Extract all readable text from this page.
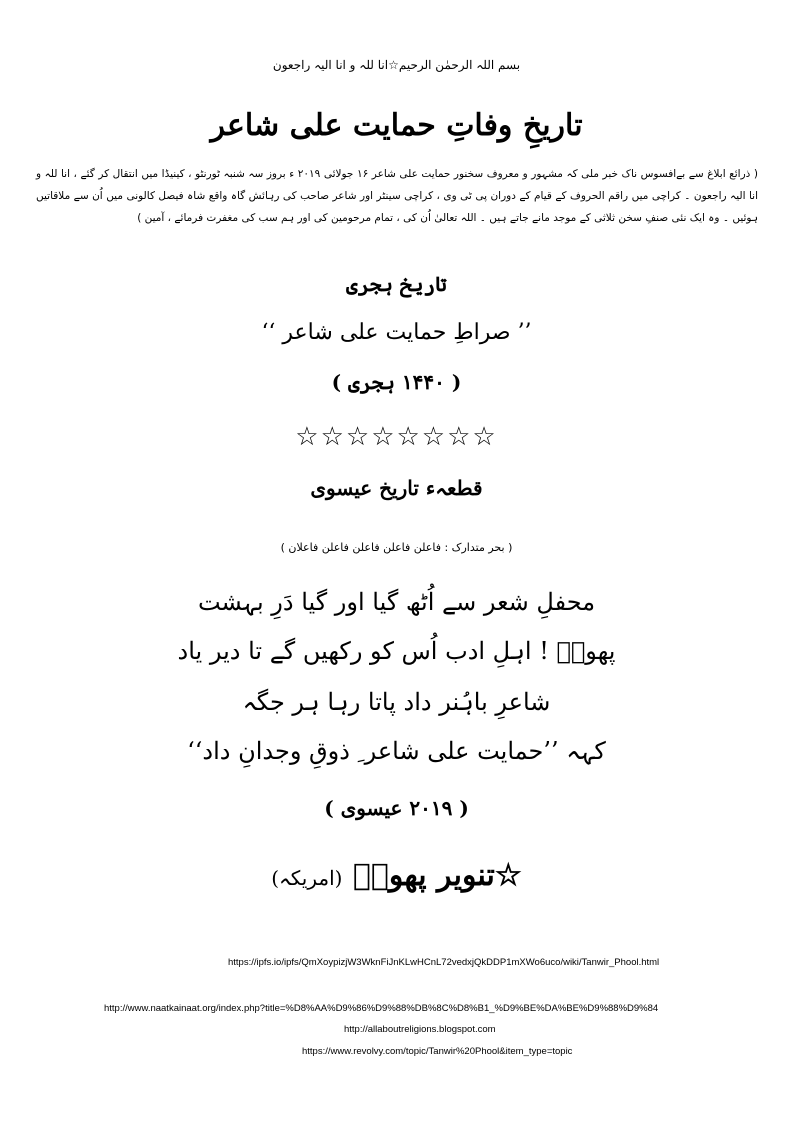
بسم اللہ الرحمٰن الرحیم☆انا للہ و انا الیہ راجعون
تاریخِ وفاتِ حمایت علی شاعر
( ذرائع ابلاغ سے بےافسوس ناک خبر ملی کہ مشہور و معروف سخنور حمایت علی شاعر ۱۶ جولائی ۲۰۱۹ ء بروز سہ شنبہ ٹورنٹو ، کینیڈا میں انتقال کر گئے ، انا للہ و انا الیہ راجعون ۔ کراچی میں راقم الحروف کے قیام کے دوران پی ٹی وی ، کراچی سینٹر اور شاعر صاحب کی رہائش گاہ واقع شاہ فیصل کالونی میں اُن سے ملاقاتیں ہوئیں ۔ وہ ایک نئی صنفِ سخن ثلاثی کے موجد مانے جاتے ہیں ۔ اللہ تعالیٰ اُن کی ، تمام مرحومین کی اور ہم سب کی مغفرت فرمائے ، آمین )
تاریخ ہجری
’’ صراطِ حمایت علی شاعر ‘‘
( ۱۴۴۰ ہجری )
☆☆☆☆☆☆☆☆
قطعہء تاریخ عیسوی
( بحر متدارک : فاعلن فاعلن فاعلن فاعلن فاعلان )
محفلِ شعر سے اُٹھ گیا اور گیا دَرِ بہشت
پھولؔ ! اہلِ ادب اُس کو رکھیں گے تا دیر یاد
شاعرِ باہُنر داد پاتا رہا ہر جگہ
کہہ ’’حمایت علی شاعر ِ ذوقِ وجدانِ داد‘‘
( ۲۰۱۹ عیسوی )
☆تنویر پھولؔ (امریکہ)
https://ipfs.io/ipfs/QmXoypizjW3WknFiJnKLwHCnL72vedxjQkDDP1mXWo6uco/wiki/Tanwir_Phool.html
http://www.naatkainaat.org/index.php?title=%D8%AA%D9%86%D9%88%DB%8C%D8%B1_%D9%BE%DA%BE%D9%88%D9%84
http://allaboutreligions.blogspot.com
https://www.revolvy.com/topic/Tanwir%20Phool&item_type=topic
